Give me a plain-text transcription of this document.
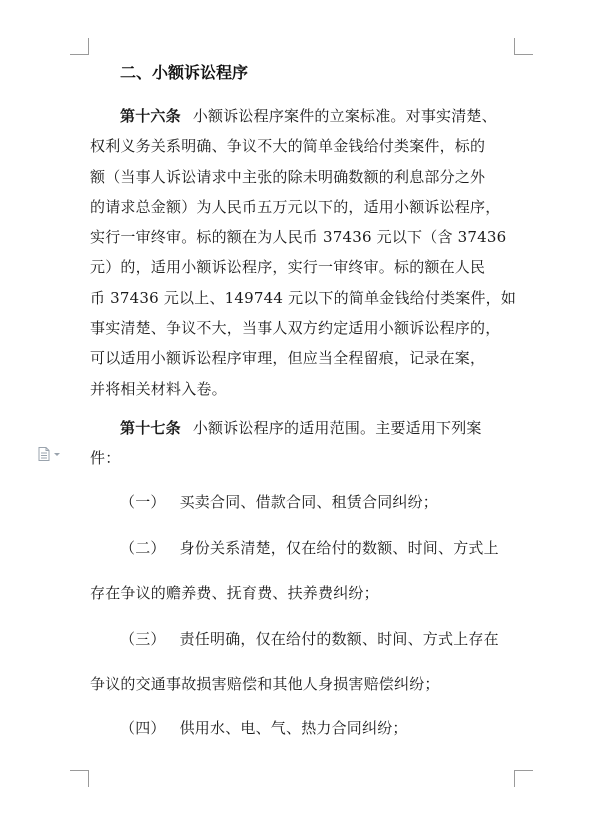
二、小额诉讼程序
第十六条 小额诉讼程序案件的立案标准。对事实清楚、
权利义务关系明确、争议不大的简单金钱给付类案件，标的
额（当事人诉讼请求中主张的除未明确数额的利息部分之外
的请求总金额）为人民币五万元以下的，适用小额诉讼程序，
实行一审终审。标的额在为人民币 37436 元以下（含 37436
元）的，适用小额诉讼程序，实行一审终审。标的额在人民
币 37436 元以上、149744 元以下的简单金钱给付类案件，如
事实清楚、争议不大，当事人双方约定适用小额诉讼程序的，
可以适用小额诉讼程序审理，但应当全程留痕，记录在案，
并将相关材料入卷。
第十七条 小额诉讼程序的适用范围。主要适用下列案
件：
（一） 买卖合同、借款合同、租赁合同纠纷；
（二） 身份关系清楚，仅在给付的数额、时间、方式上
存在争议的赡养费、抚育费、扶养费纠纷；
（三） 责任明确，仅在给付的数额、时间、方式上存在
争议的交通事故损害赔偿和其他人身损害赔偿纠纷；
（四） 供用水、电、气、热力合同纠纷；
